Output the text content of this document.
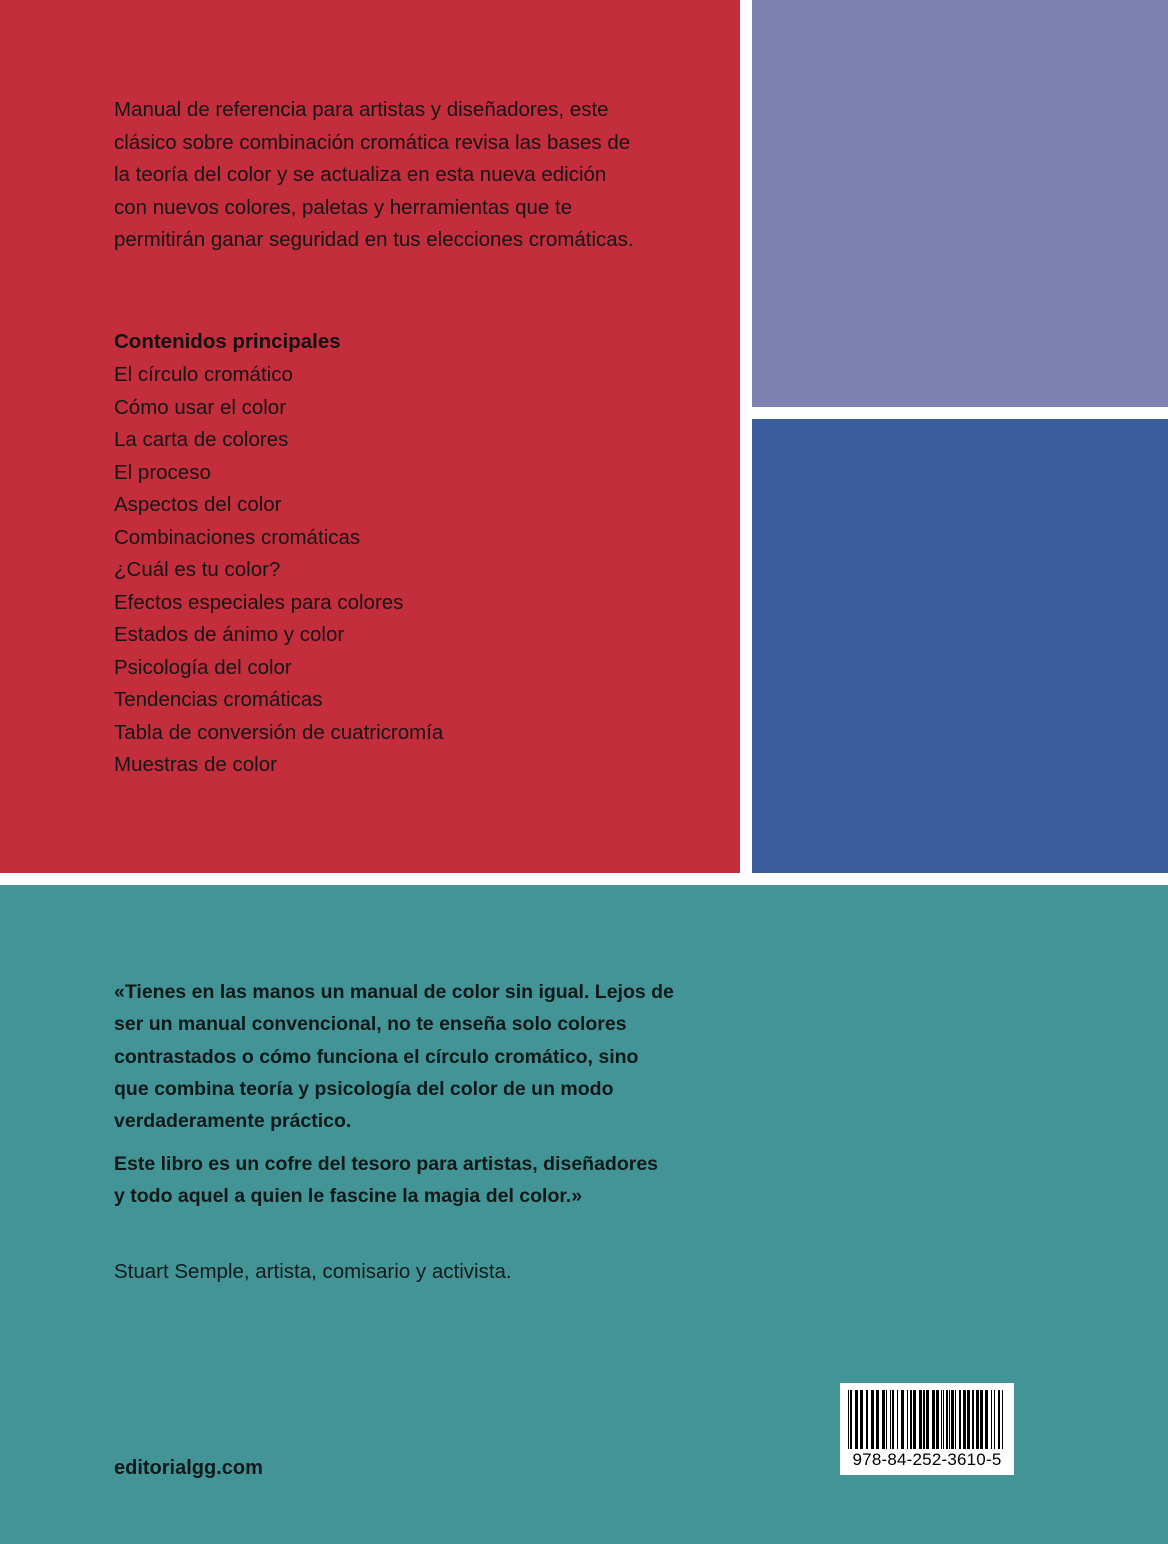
Manual de referencia para artistas y diseñadores, este clásico sobre combinación cromática revisa las bases de la teoría del color y se actualiza en esta nueva edición con nuevos colores, paletas y herramientas que te permitirán ganar seguridad en tus elecciones cromáticas.

Contenidos principales
El círculo cromático
Cómo usar el color
La carta de colores
El proceso
Aspectos del color
Combinaciones cromáticas
¿Cuál es tu color?
Efectos especiales para colores
Estados de ánimo y color
Psicología del color
Tendencias cromáticas
Tabla de conversión de cuatricromía
Muestras de color

«Tienes en las manos un manual de color sin igual. Lejos de ser un manual convencional, no te enseña solo colores contrastados o cómo funciona el círculo cromático, sino que combina teoría y psicología del color de un modo verdaderamente práctico.

Este libro es un cofre del tesoro para artistas, diseñadores y todo aquel a quien le fascine la magia del color.»

Stuart Semple, artista, comisario y activista.

editorialgg.com	978-84-252-3610-5
